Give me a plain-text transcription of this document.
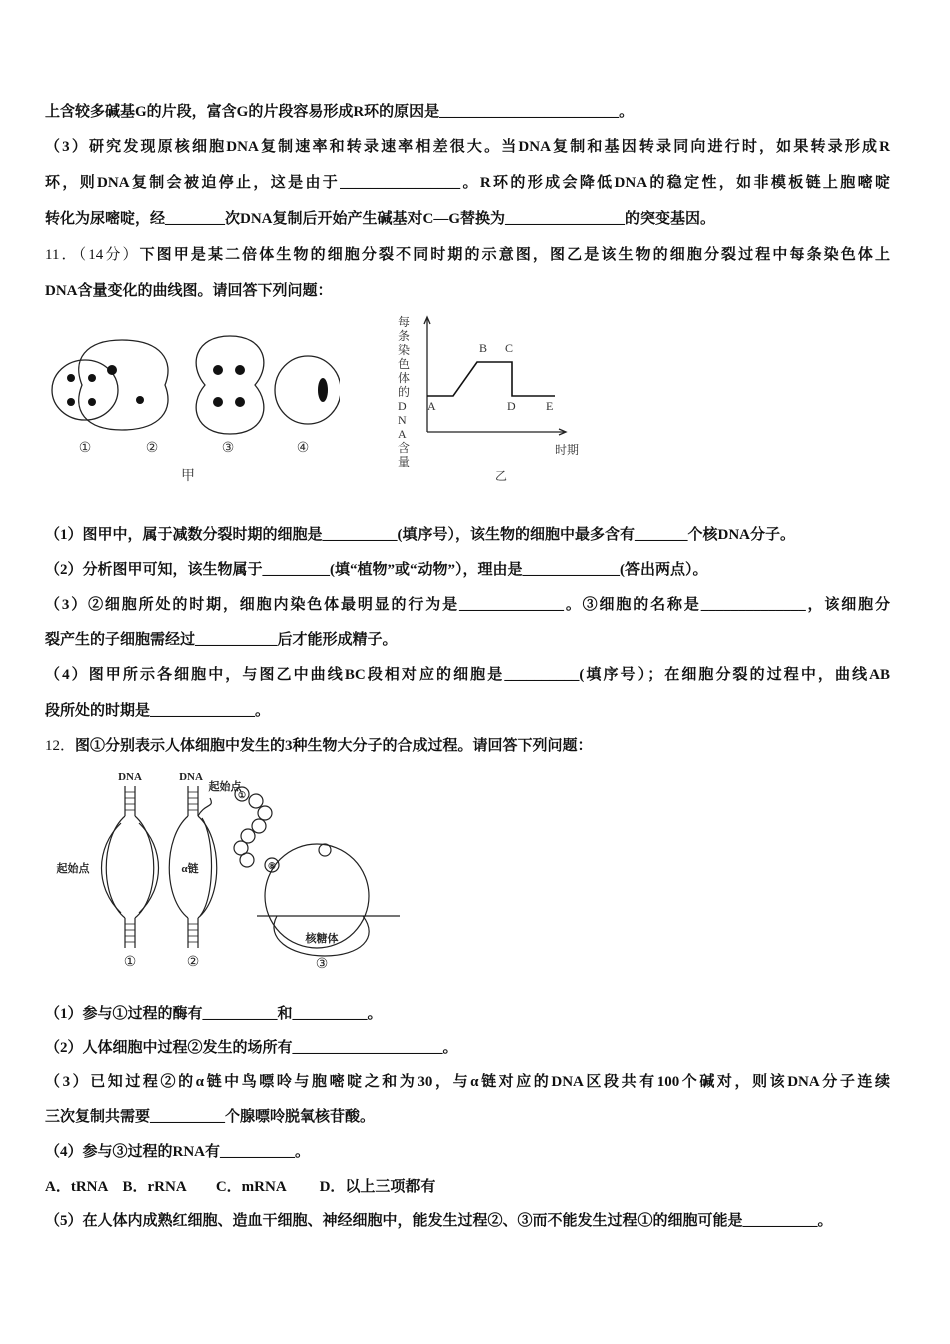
上含较多碱基G的片段，富含G的片段容易形成R环的原因是________________________。
（3）研究发现原核细胞DNA复制速率和转录速率相差很大。当DNA复制和基因转录同向进行时，如果转录形成R
环，则DNA复制会被迫停止，这是由于________________。R环的形成会降低DNA的稳定性，如非模板链上胞嘧啶
转化为尿嘧啶，经________次DNA复制后开始产生碱基对C—G替换为________________的突变基因。
11．（14分）下图甲是某二倍体生物的细胞分裂不同时期的示意图，图乙是该生物的细胞分裂过程中每条染色体上
DNA含量变化的曲线图。请回答下列问题：
①	②	③	④
甲
每条染色体的DNA含量
A
B C
D	E
时期
乙
（1）图甲中，属于减数分裂时期的细胞是__________(填序号），该生物的细胞中最多含有_______个核DNA分子。
（2）分析图甲可知，该生物属于_________(填“植物”或“动物”），理由是_____________(答出两点）。
（3）②细胞所处的时期，细胞内染色体最明显的行为是______________。③细胞的名称是______________，该细胞分
裂产生的子细胞需经过___________后才能形成精子。
（4）图甲所示各细胞中，与图乙中曲线BC段相对应的细胞是__________(填序号）；在细胞分裂的过程中，曲线AB
段所处的时期是______________。
12．图①分别表示人体细胞中发生的3种生物大分子的合成过程。请回答下列问题：
DNA	DNA
起始点
起始点
α链
核糖体
①
⑧
①	②	③
（1）参与①过程的酶有__________和__________。
（2）人体细胞中过程②发生的场所有____________________。
（3）已知过程②的α链中鸟嘌呤与胞嘧啶之和为30，与α链对应的DNA区段共有100个碱对，则该DNA分子连续
三次复制共需要__________个腺嘌呤脱氧核苷酸。
（4）参与③过程的RNA有__________。
A．tRNA　B．rRNA　　C．mRNA　　 D．以上三项都有
（5）在人体内成熟红细胞、造血干细胞、神经细胞中，能发生过程②、③而不能发生过程①的细胞可能是__________。
